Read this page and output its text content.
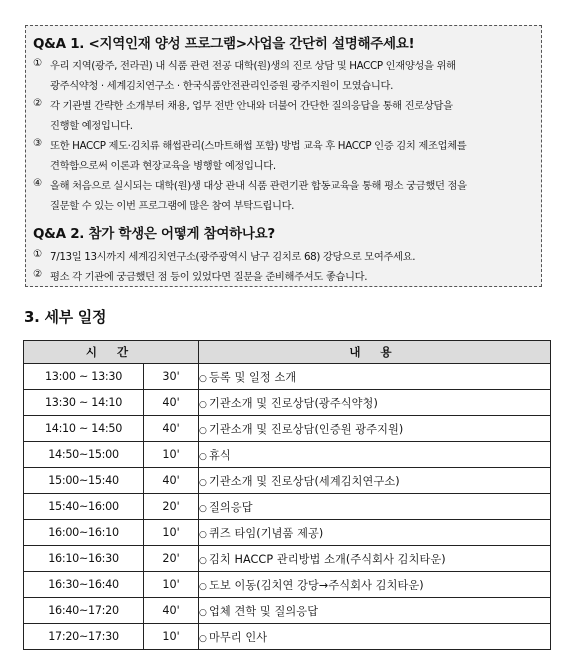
Q&A 1. <지역인재 양성 프로그램>사업을 간단히 설명해주세요!
① 우리 지역(광주, 전라권) 내 식품 관련 전공 대학(원)생의 진로 상담 및 HACCP 인재양성을 위해
광주식약청 · 세계김치연구소 · 한국식품안전관리인증원 광주지원이 모였습니다.
② 각 기관별 간략한 소개부터 채용, 업무 전반 안내와 더불어 간단한 질의응답을 통해 진로상담을
진행할 예정입니다.
③ 또한 HACCP 제도·김치류 해썹관리(스마트해썹 포함) 방법 교육 후 HACCP 인증 김치 제조업체를
견학함으로써 이론과 현장교육을 병행할 예정입니다.
④ 올해 처음으로 실시되는 대학(원)생 대상 관내 식품 관련기관 합동교육을 통해 평소 궁금했던 점을
질문할 수 있는 이번 프로그램에 많은 참여 부탁드립니다.
Q&A 2. 참가 학생은 어떻게 참여하나요?
① 7/13일 13시까지 세계김치연구소(광주광역시 남구 김치로 68) 강당으로 모여주세요.
② 평소 각 기관에 궁금했던 점 등이 있었다면 질문을 준비해주셔도 좋습니다.
3. 세부 일정
시 간		내 용
13:00 ~ 13:30	30'	○ 등록 및 일정 소개
13:30 ~ 14:10	40'	○ 기관소개 및 진로상담(광주식약청)
14:10 ~ 14:50	40'	○ 기관소개 및 진로상담(인증원 광주지원)
14:50~15:00	10'	○ 휴식
15:00~15:40	40'	○ 기관소개 및 진로상담(세계김치연구소)
15:40~16:00	20'	○ 질의응답
16:00~16:10	10'	○ 퀴즈 타임(기념품 제공)
16:10~16:30	20'	○ 김치 HACCP 관리방법 소개(주식회사 김치타운)
16:30~16:40	10'	○ 도보 이동(김치연 강당→주식회사 김치타운)
16:40~17:20	40'	○ 업체 견학 및 질의응답
17:20~17:30	10'	○ 마무리 인사
